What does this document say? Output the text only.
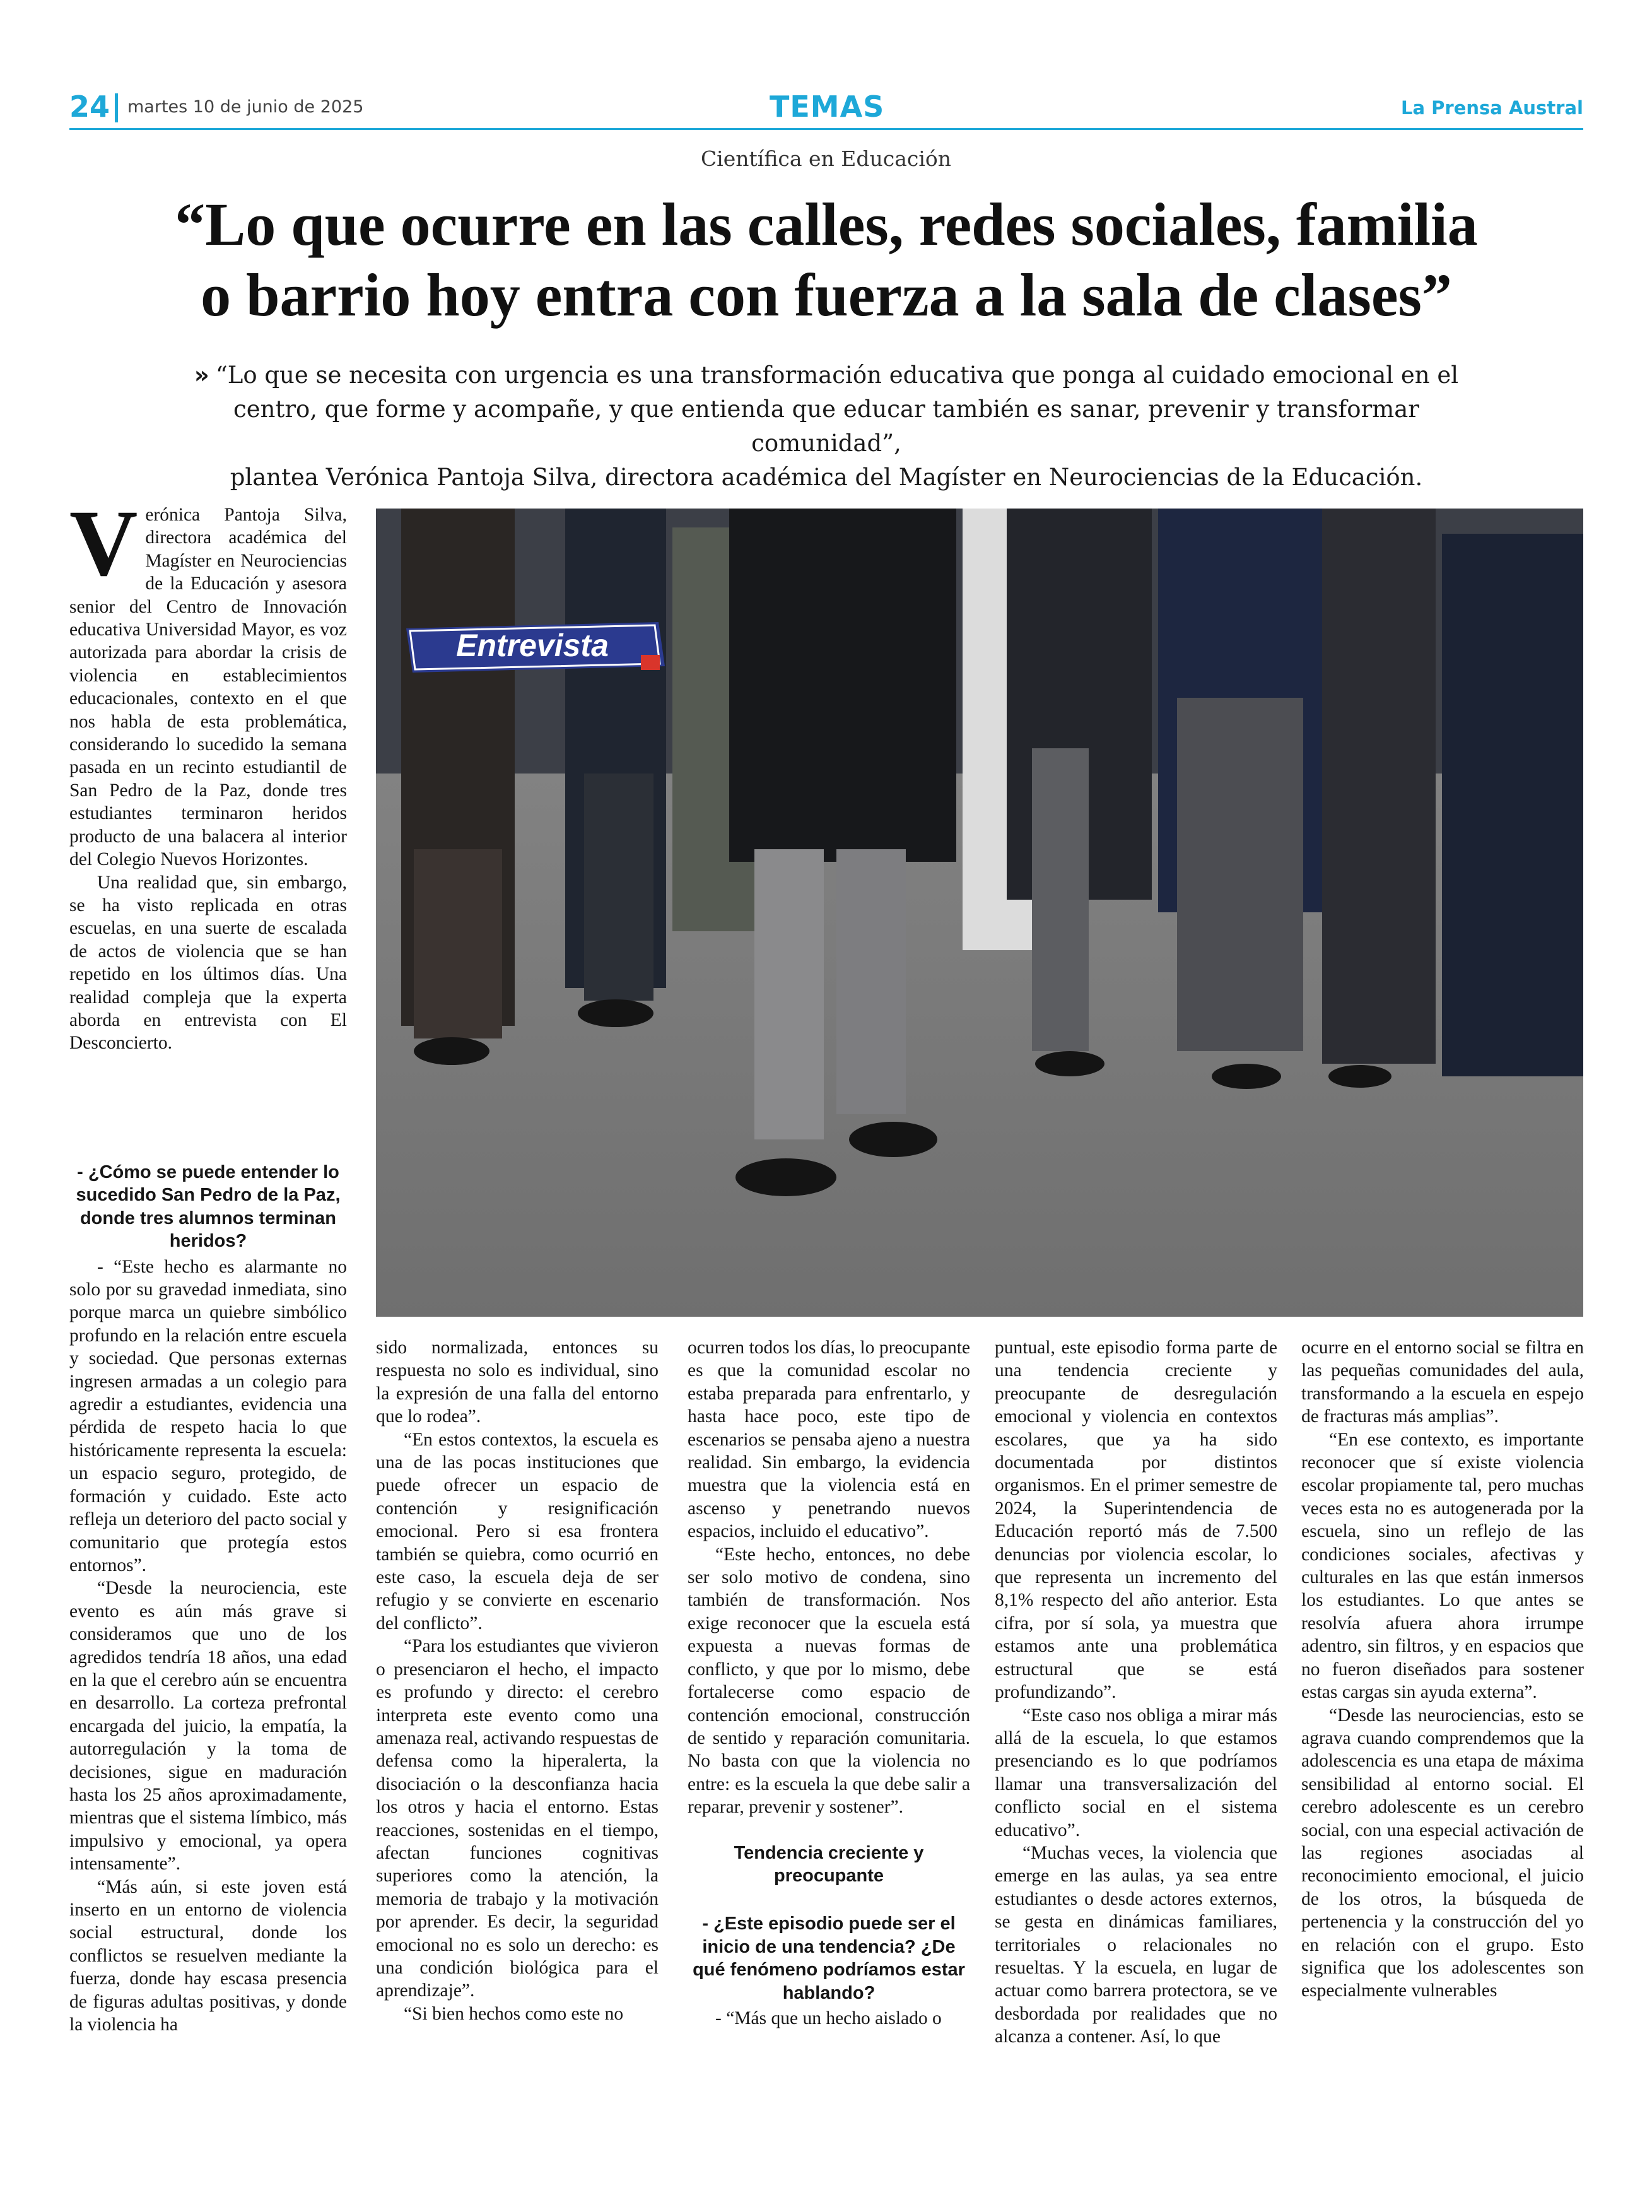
24 martes 10 de junio de 2025	TEMAS	La Prensa Austral
Científica en Educación
“Lo que ocurre en las calles, redes sociales, familia
o barrio hoy entra con fuerza a la sala de clases”
» “Lo que se necesita con urgencia es una transformación educativa que ponga al cuidado emocional en el
centro, que forme y acompañe, y que entienda que educar también es sanar, prevenir y transformar comunidad”,
plantea Verónica Pantoja Silva, directora académica del Magíster en Neurociencias de la Educación.
Entrevista

Verónica Pantoja Silva, directora académica del Magíster en Neurociencias de la Educación y asesora senior del Centro de Innovación educativa Universidad Mayor, es voz autorizada para abordar la crisis de violencia en establecimientos educacionales, contexto en el que nos habla de esta problemática, considerando lo sucedido la semana pasada en un recinto estudiantil de San Pedro de la Paz, donde tres estudiantes terminaron heridos producto de una balacera al interior del Colegio Nuevos Horizontes.

Una realidad que, sin embargo, se ha visto replicada en otras escuelas, en una suerte de escalada de actos de violencia que se han repetido en los últimos días. Una realidad compleja que la experta aborda en entrevista con El Desconcierto.

- ¿Cómo se puede entender lo sucedido San Pedro de la Paz, donde tres alumnos terminan heridos?

- “Este hecho es alarmante no solo por su gravedad inmediata, sino porque marca un quiebre simbólico profundo en la relación entre escuela y sociedad. Que personas externas ingresen armadas a un colegio para agredir a estudiantes, evidencia una pérdida de respeto hacia lo que históricamente representa la escuela: un espacio seguro, protegido, de formación y cuidado. Este acto refleja un deterioro del pacto social y comunitario que protegía estos entornos”.

“Desde la neurociencia, este evento es aún más grave si consideramos que uno de los agredidos tendría 18 años, una edad en la que el cerebro aún se encuentra en desarrollo. La corteza prefrontal encargada del juicio, la empatía, la autorregulación y la toma de decisiones, sigue en maduración hasta los 25 años aproximadamente, mientras que el sistema límbico, más impulsivo y emocional, ya opera intensamente”.

“Más aún, si este joven está inserto en un entorno de violencia social estructural, donde los conflictos se resuelven mediante la fuerza, donde hay escasa presencia de figuras adultas positivas, y donde la violencia ha

sido normalizada, entonces su respuesta no solo es individual, sino la expresión de una falla del entorno que lo rodea”.

“En estos contextos, la escuela es una de las pocas instituciones que puede ofrecer un espacio de contención y resignificación emocional. Pero si esa frontera también se quiebra, como ocurrió en este caso, la escuela deja de ser refugio y se convierte en escenario del conflicto”.

“Para los estudiantes que vivieron o presenciaron el hecho, el impacto es profundo y directo: el cerebro interpreta este evento como una amenaza real, activando respuestas de defensa como la hiperalerta, la disociación o la desconfianza hacia los otros y hacia el entorno. Estas reacciones, sostenidas en el tiempo, afectan funciones cognitivas superiores como la atención, la memoria de trabajo y la motivación por aprender. Es decir, la seguridad emocional no es solo un derecho: es una condición biológica para el aprendizaje”.

“Si bien hechos como este no

ocurren todos los días, lo preocupante es que la comunidad escolar no estaba preparada para enfrentarlo, y hasta hace poco, este tipo de escenarios se pensaba ajeno a nuestra realidad. Sin embargo, la evidencia muestra que la violencia está en ascenso y penetrando nuevos espacios, incluido el educativo”.

“Este hecho, entonces, no debe ser solo motivo de condena, sino también de transformación. Nos exige reconocer que la escuela está expuesta a nuevas formas de conflicto, y que por lo mismo, debe fortalecerse como espacio de contención emocional, construcción de sentido y reparación comunitaria. No basta con que la violencia no entre: es la escuela la que debe salir a reparar, prevenir y sostener”.

Tendencia creciente y preocupante

- ¿Este episodio puede ser el inicio de una tendencia? ¿De qué fenómeno podríamos estar hablando?

- “Más que un hecho aislado o

puntual, este episodio forma parte de una tendencia creciente y preocupante de desregulación emocional y violencia en contextos escolares, que ya ha sido documentada por distintos organismos. En el primer semestre de 2024, la Superintendencia de Educación reportó más de 7.500 denuncias por violencia escolar, lo que representa un incremento del 8,1% respecto del año anterior. Esta cifra, por sí sola, ya muestra que estamos ante una problemática estructural que se está profundizando”.

“Este caso nos obliga a mirar más allá de la escuela, lo que estamos presenciando es lo que podríamos llamar una transversalización del conflicto social en el sistema educativo”.

“Muchas veces, la violencia que emerge en las aulas, ya sea entre estudiantes o desde actores externos, se gesta en dinámicas familiares, territoriales o relacionales no resueltas. Y la escuela, en lugar de actuar como barrera protectora, se ve desbordada por realidades que no alcanza a contener. Así, lo que

ocurre en el entorno social se filtra en las pequeñas comunidades del aula, transformando a la escuela en espejo de fracturas más amplias”.

“En ese contexto, es importante reconocer que sí existe violencia escolar propiamente tal, pero muchas veces esta no es autogenerada por la escuela, sino un reflejo de las condiciones sociales, afectivas y culturales en las que están inmersos los estudiantes. Lo que antes se resolvía afuera ahora irrumpe adentro, sin filtros, y en espacios que no fueron diseñados para sostener estas cargas sin ayuda externa”.

“Desde las neurociencias, esto se agrava cuando comprendemos que la adolescencia es una etapa de máxima sensibilidad al entorno social. El cerebro adolescente es un cerebro social, con una especial activación de las regiones asociadas al reconocimiento emocional, el juicio de los otros, la búsqueda de pertenencia y la construcción del yo en relación con el grupo. Esto significa que los adolescentes son especialmente vulnerables
